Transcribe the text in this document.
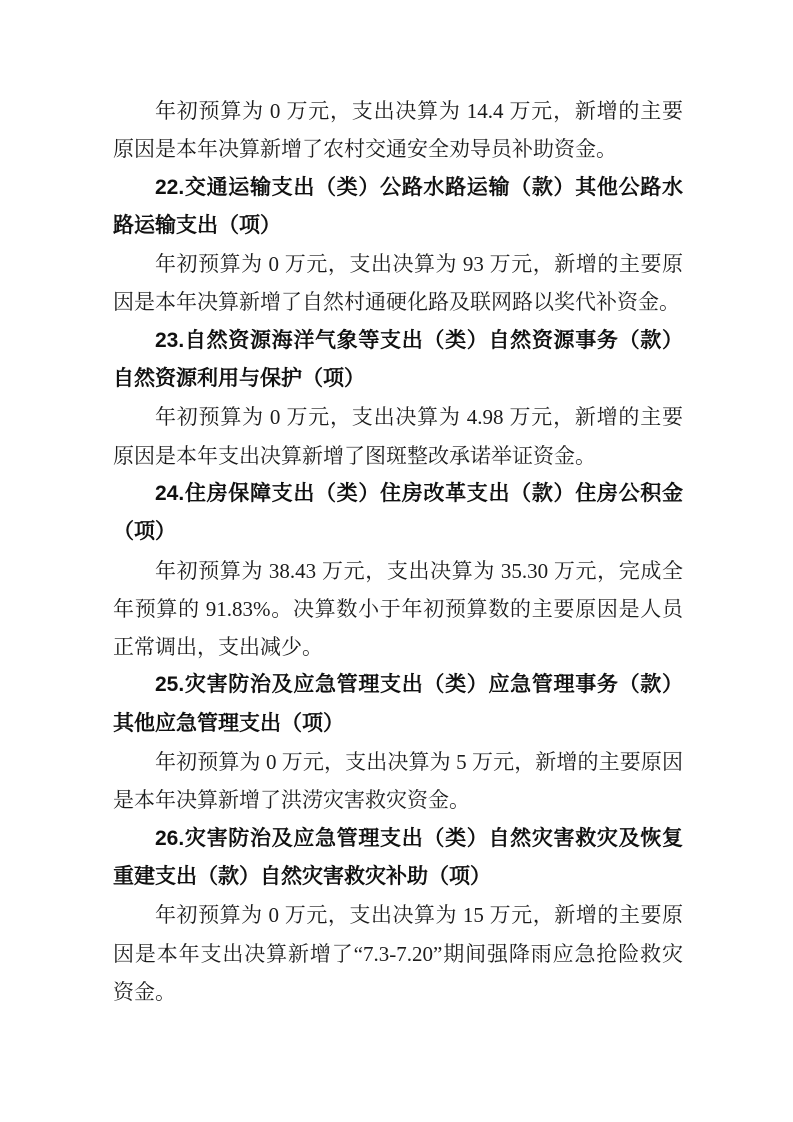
年初预算为 0 万元，支出决算为 14.4 万元，新增的主要原因是本年决算新增了农村交通安全劝导员补助资金。

22.交通运输支出（类）公路水路运输（款）其他公路水路运输支出（项）

年初预算为 0 万元，支出决算为 93 万元，新增的主要原因是本年决算新增了自然村通硬化路及联网路以奖代补资金。

23.自然资源海洋气象等支出（类）自然资源事务（款）自然资源利用与保护（项）

年初预算为 0 万元，支出决算为 4.98 万元，新增的主要原因是本年支出决算新增了图斑整改承诺举证资金。

24.住房保障支出（类）住房改革支出（款）住房公积金（项）

年初预算为 38.43 万元，支出决算为 35.30 万元，完成全年预算的 91.83%。决算数小于年初预算数的主要原因是人员正常调出，支出减少。

25.灾害防治及应急管理支出（类）应急管理事务（款）其他应急管理支出（项）

年初预算为 0 万元，支出决算为 5 万元，新增的主要原因是本年决算新增了洪涝灾害救灾资金。

26.灾害防治及应急管理支出（类）自然灾害救灾及恢复重建支出（款）自然灾害救灾补助（项）

年初预算为 0 万元，支出决算为 15 万元，新增的主要原因是本年支出决算新增了“7.3-7.20”期间强降雨应急抢险救灾资金。
